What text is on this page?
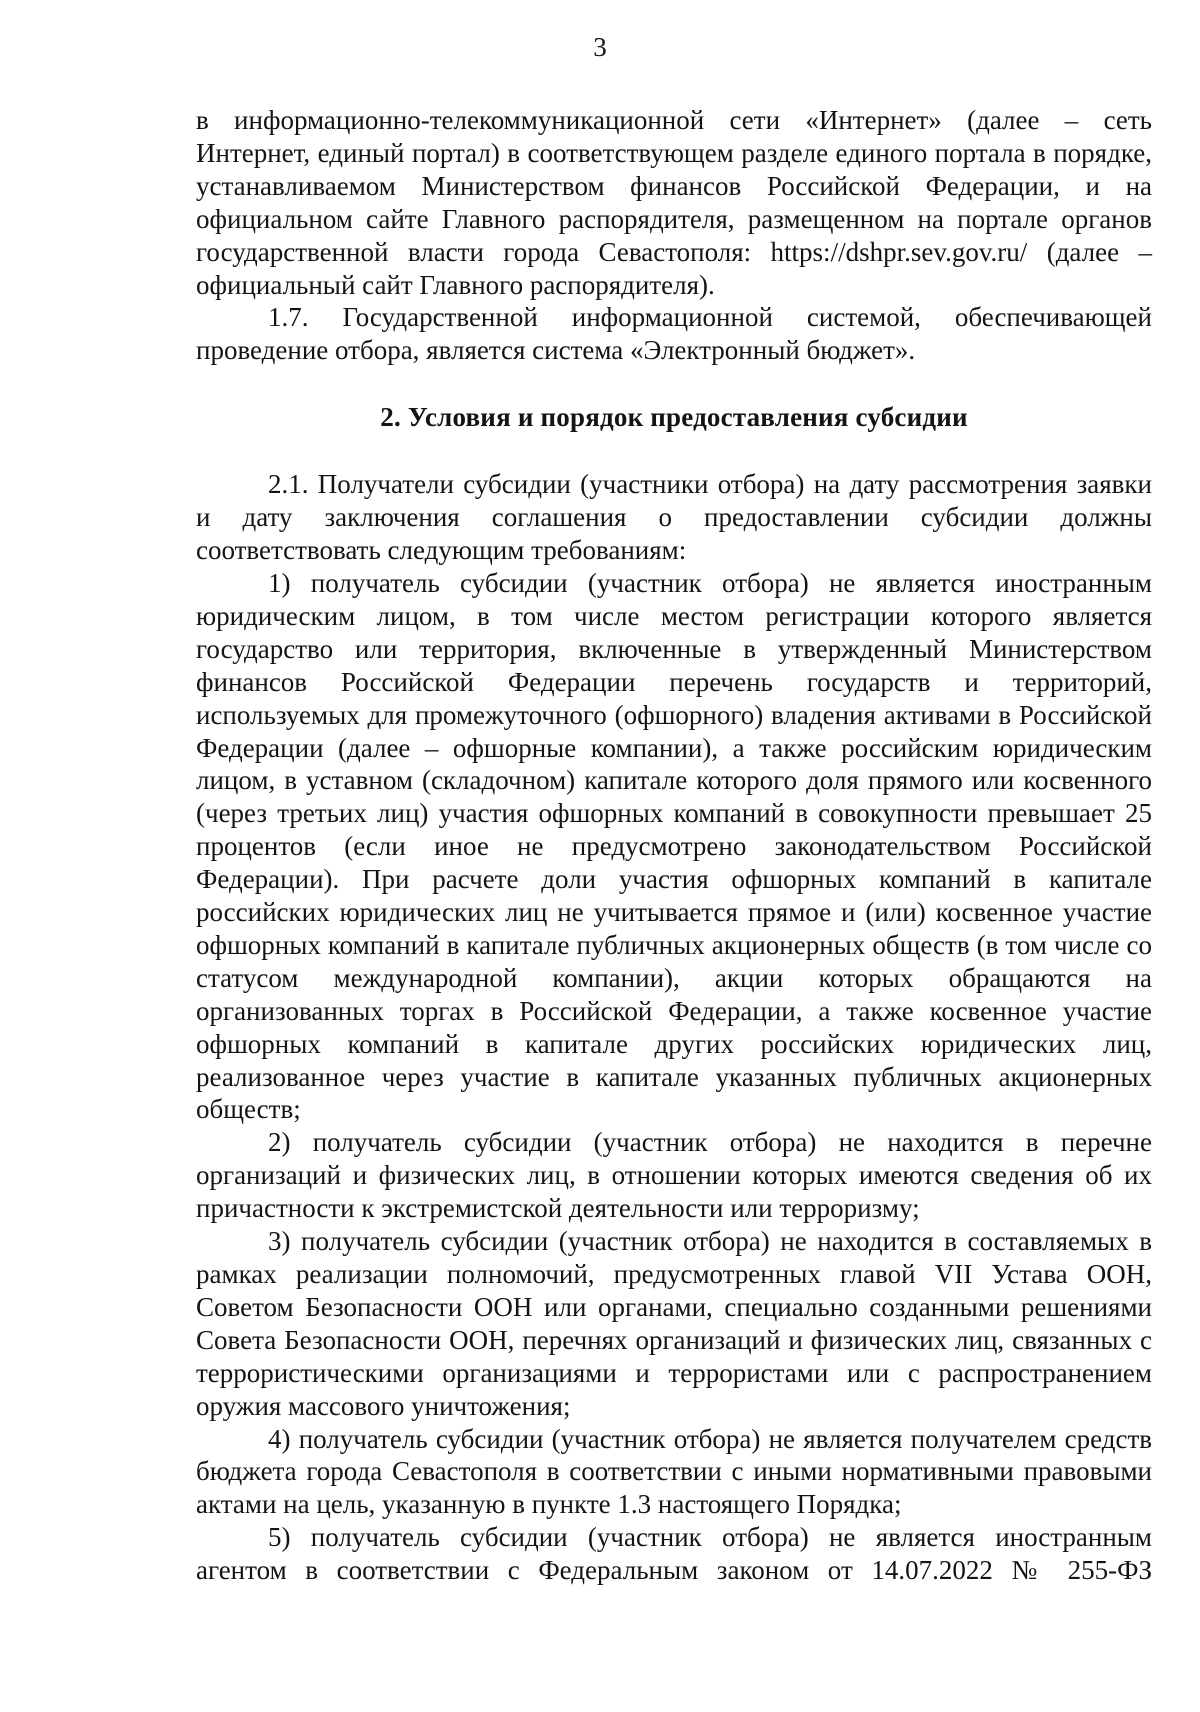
3

в информационно-телекоммуникационной сети «Интернет» (далее – сеть Интернет, единый портал) в соответствующем разделе единого портала в порядке, устанавливаемом Министерством финансов Российской Федерации, и на официальном сайте Главного распорядителя, размещенном на портале органов государственной власти города Севастополя: https://dshpr.sev.gov.ru/ (далее – официальный сайт Главного распорядителя).

1.7. Государственной информационной системой, обеспечивающей проведение отбора, является система «Электронный бюджет».

2. Условия и порядок предоставления субсидии

2.1. Получатели субсидии (участники отбора) на дату рассмотрения заявки и дату заключения соглашения о предоставлении субсидии должны соответствовать следующим требованиям:

1) получатель субсидии (участник отбора) не является иностранным юридическим лицом, в том числе местом регистрации которого является государство или территория, включенные в утвержденный Министерством финансов Российской Федерации перечень государств и территорий, используемых для промежуточного (офшорного) владения активами в Российской Федерации (далее – офшорные компании), а также российским юридическим лицом, в уставном (складочном) капитале которого доля прямого или косвенного (через третьих лиц) участия офшорных компаний в совокупности превышает 25 процентов (если иное не предусмотрено законодательством Российской Федерации). При расчете доли участия офшорных компаний в капитале российских юридических лиц не учитывается прямое и (или) косвенное участие офшорных компаний в капитале публичных акционерных обществ (в том числе со статусом международной компании), акции которых обращаются на организованных торгах в Российской Федерации, а также косвенное участие офшорных компаний в капитале других российских юридических лиц, реализованное через участие в капитале указанных публичных акционерных обществ;

2) получатель субсидии (участник отбора) не находится в перечне организаций и физических лиц, в отношении которых имеются сведения об их причастности к экстремистской деятельности или терроризму;

3) получатель субсидии (участник отбора) не находится в составляемых в рамках реализации полномочий, предусмотренных главой VII Устава ООН, Советом Безопасности ООН или органами, специально созданными решениями Совета Безопасности ООН, перечнях организаций и физических лиц, связанных с террористическими организациями и террористами или с распространением оружия массового уничтожения;

4) получатель субсидии (участник отбора) не является получателем средств бюджета города Севастополя в соответствии с иными нормативными правовыми актами на цель, указанную в пункте 1.3 настоящего Порядка;

5) получатель субсидии (участник отбора) не является иностранным агентом в соответствии с Федеральным законом от 14.07.2022 № 255-ФЗ
